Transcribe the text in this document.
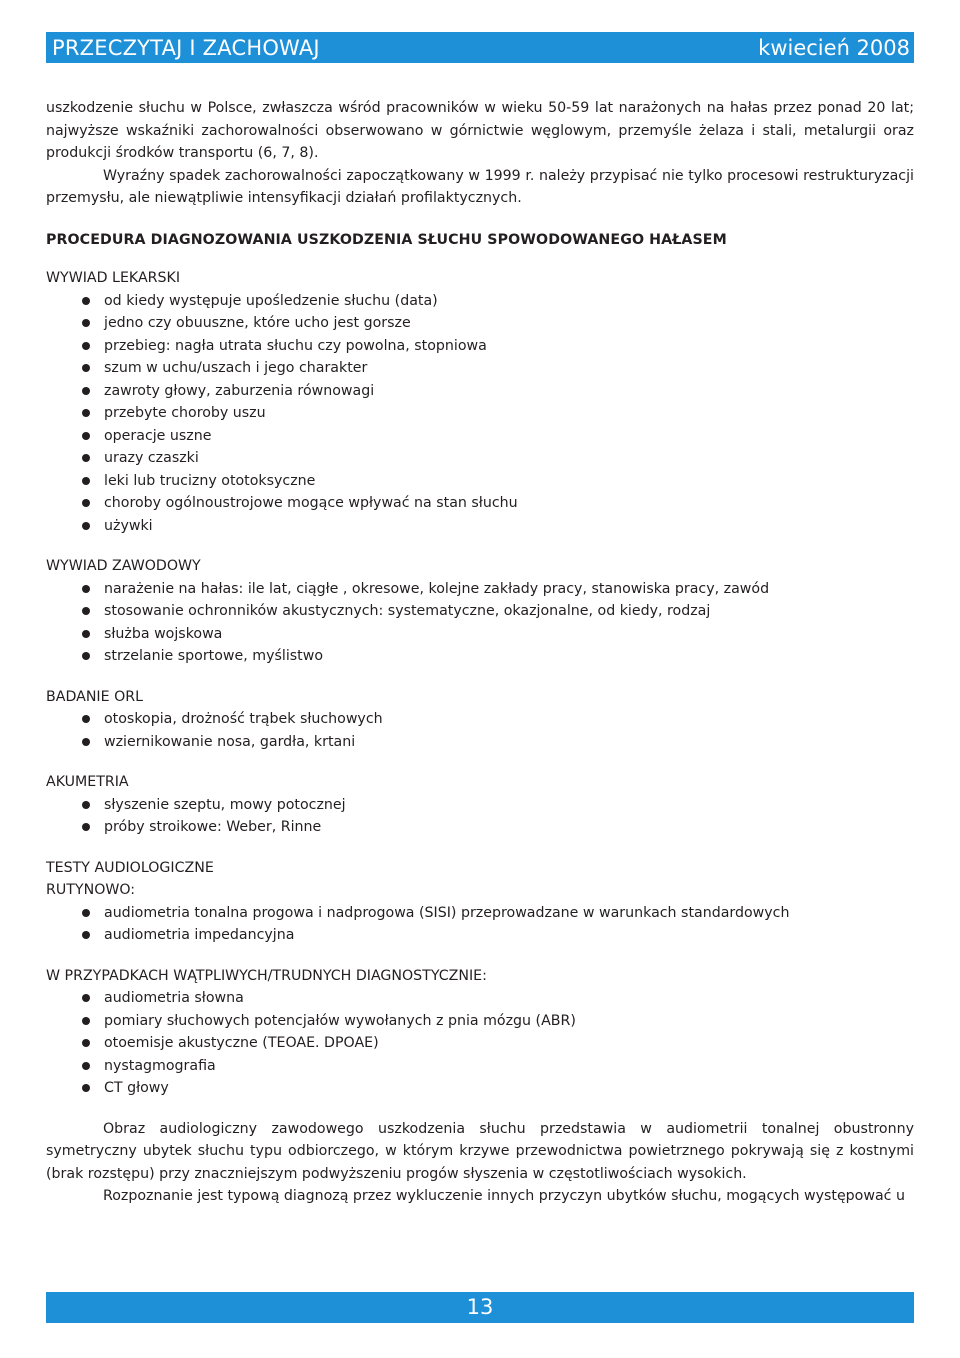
PRZECZYTAJ I ZACHOWAJ	kwiecień 2008

uszkodzenie słuchu w Polsce, zwłaszcza wśród pracowników w wieku 50-59 lat narażonych na hałas przez ponad 20 lat; najwyższe wskaźniki zachorowalności obserwowano w górnictwie węglowym, przemyśle żelaza i stali, metalurgii oraz produkcji środków transportu (6, 7, 8).

Wyraźny spadek zachorowalności zapoczątkowany w 1999 r. należy przypisać nie tylko procesowi restrukturyzacji przemysłu, ale niewątpliwie intensyfikacji działań profilaktycznych.

PROCEDURA DIAGNOZOWANIA USZKODZENIA SŁUCHU SPOWODOWANEGO HAŁASEM

WYWIAD LEKARSKI

od kiedy występuje upośledzenie słuchu (data)
jedno czy obuuszne, które ucho jest gorsze
przebieg: nagła utrata słuchu czy powolna, stopniowa
szum w uchu/uszach i jego charakter
zawroty głowy, zaburzenia równowagi
przebyte choroby uszu
operacje uszne
urazy czaszki
leki lub trucizny ototoksyczne
choroby ogólnoustrojowe mogące wpływać na stan słuchu
używki

WYWIAD ZAWODOWY

narażenie na hałas: ile lat, ciągłe , okresowe, kolejne zakłady pracy, stanowiska pracy, zawód
stosowanie ochronników akustycznych: systematyczne, okazjonalne, od kiedy, rodzaj
służba wojskowa
strzelanie sportowe, myślistwo

BADANIE ORL

otoskopia, drożność trąbek słuchowych
wziernikowanie nosa, gardła, krtani

AKUMETRIA

słyszenie szeptu, mowy potocznej
próby stroikowe: Weber, Rinne

TESTY AUDIOLOGICZNE

RUTYNOWO:

audiometria tonalna progowa i nadprogowa (SISI) przeprowadzane w warunkach standardowych
audiometria impedancyjna

W PRZYPADKACH WĄTPLIWYCH/TRUDNYCH DIAGNOSTYCZNIE:

audiometria słowna
pomiary słuchowych potencjałów wywołanych z pnia mózgu (ABR)
otoemisje akustyczne (TEOAE. DPOAE)
nystagmografia
CT głowy

Obraz audiologiczny zawodowego uszkodzenia słuchu przedstawia w audiometrii tonalnej obustronny symetryczny ubytek słuchu typu odbiorczego, w którym krzywe przewodnictwa powietrznego pokrywają się z kostnymi (brak rozstępu) przy znaczniejszym podwyższeniu progów słyszenia w częstotliwościach wysokich.

Rozpoznanie jest typową diagnozą przez wykluczenie innych przyczyn ubytków słuchu, mogących występować u

13
